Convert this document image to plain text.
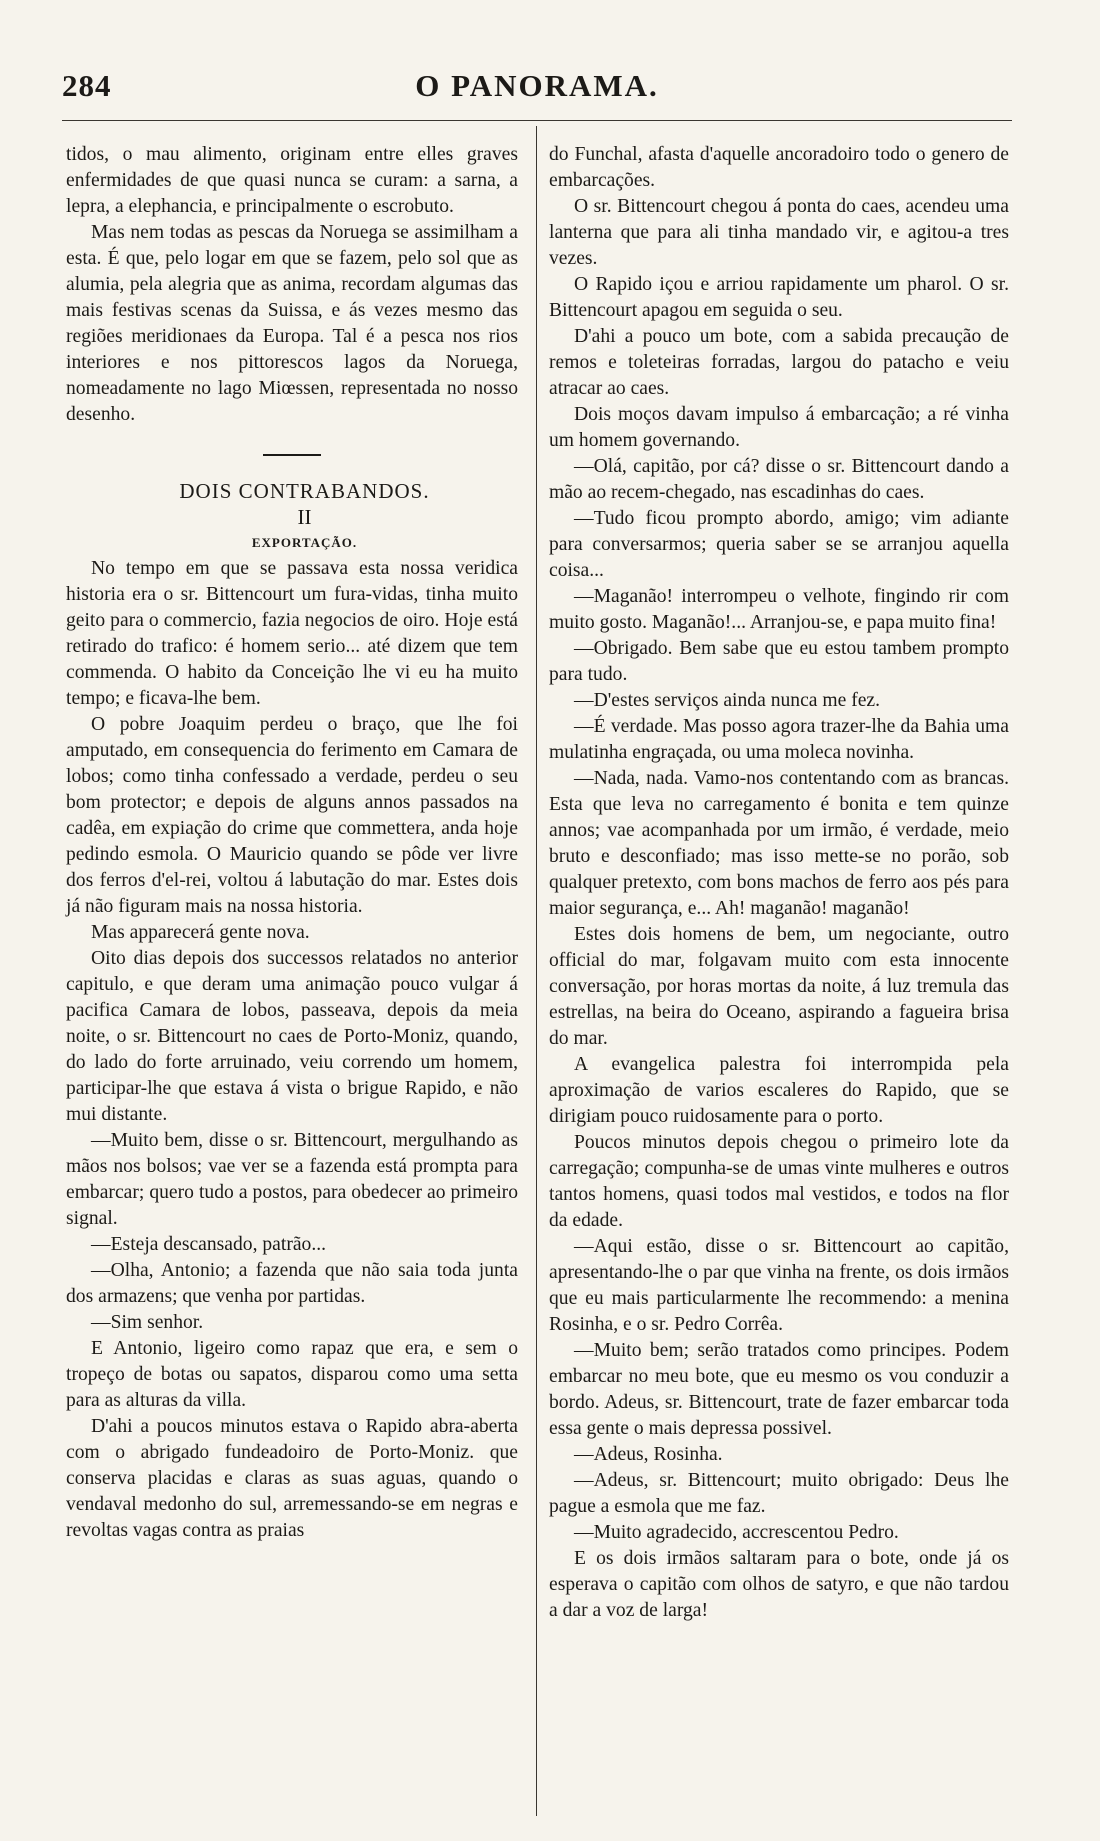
284	O PANORAMA.

tidos, o mau alimento, originam entre elles graves enfermidades de que quasi nunca se curam: a sarna, a lepra, a elephancia, e principalmente o escrobuto.

Mas nem todas as pescas da Noruega se assimilham a esta. É que, pelo logar em que se fazem, pelo sol que as alumia, pela alegria que as anima, recordam algumas das mais festivas scenas da Suissa, e ás vezes mesmo das regiões meridionaes da Europa. Tal é a pesca nos rios interiores e nos pittorescos lagos da Noruega, nomeadamente no lago Miœssen, representada no nosso desenho.

DOIS CONTRABANDOS.

II

EXPORTAÇÃO.

No tempo em que se passava esta nossa veridica historia era o sr. Bittencourt um fura-vidas, tinha muito geito para o commercio, fazia negocios de oiro. Hoje está retirado do trafico: é homem serio... até dizem que tem commenda. O habito da Conceição lhe vi eu ha muito tempo; e ficava-lhe bem.

O pobre Joaquim perdeu o braço, que lhe foi amputado, em consequencia do ferimento em Camara de lobos; como tinha confessado a verdade, perdeu o seu bom protector; e depois de alguns annos passados na cadêa, em expiação do crime que commettera, anda hoje pedindo esmola. O Mauricio quando se pôde ver livre dos ferros d'el-rei, voltou á labutação do mar. Estes dois já não figuram mais na nossa historia.

Mas apparecerá gente nova.

Oito dias depois dos successos relatados no anterior capitulo, e que deram uma animação pouco vulgar á pacifica Camara de lobos, passeava, depois da meia noite, o sr. Bittencourt no caes de Porto-Moniz, quando, do lado do forte arruinado, veiu correndo um homem, participar-lhe que estava á vista o brigue Rapido, e não mui distante.

—Muito bem, disse o sr. Bittencourt, mergulhando as mãos nos bolsos; vae ver se a fazenda está prompta para embarcar; quero tudo a postos, para obedecer ao primeiro signal.

—Esteja descansado, patrão...

—Olha, Antonio; a fazenda que não saia toda junta dos armazens; que venha por partidas.

—Sim senhor.

E Antonio, ligeiro como rapaz que era, e sem o tropeço de botas ou sapatos, disparou como uma setta para as alturas da villa.

D'ahi a poucos minutos estava o Rapido abra-aberta com o abrigado fundeadoiro de Porto-Moniz. que conserva placidas e claras as suas aguas, quando o vendaval medonho do sul, arremessando-se em negras e revoltas vagas contra as praias

do Funchal, afasta d'aquelle ancoradoiro todo o genero de embarcações.

O sr. Bittencourt chegou á ponta do caes, acendeu uma lanterna que para ali tinha mandado vir, e agitou-a tres vezes.

O Rapido içou e arriou rapidamente um pharol. O sr. Bittencourt apagou em seguida o seu.

D'ahi a pouco um bote, com a sabida precaução de remos e toleteiras forradas, largou do patacho e veiu atracar ao caes.

Dois moços davam impulso á embarcação; a ré vinha um homem governando.

—Olá, capitão, por cá? disse o sr. Bittencourt dando a mão ao recem-chegado, nas escadinhas do caes.

—Tudo ficou prompto abordo, amigo; vim adiante para conversarmos; queria saber se se arranjou aquella coisa...

—Maganão! interrompeu o velhote, fingindo rir com muito gosto. Maganão!... Arranjou-se, e papa muito fina!

—Obrigado. Bem sabe que eu estou tambem prompto para tudo.

—D'estes serviços ainda nunca me fez.

—É verdade. Mas posso agora trazer-lhe da Bahia uma mulatinha engraçada, ou uma moleca novinha.

—Nada, nada. Vamo-nos contentando com as brancas. Esta que leva no carregamento é bonita e tem quinze annos; vae acompanhada por um irmão, é verdade, meio bruto e desconfiado; mas isso mette-se no porão, sob qualquer pretexto, com bons machos de ferro aos pés para maior segurança, e... Ah! maganão! maganão!

Estes dois homens de bem, um negociante, outro official do mar, folgavam muito com esta innocente conversação, por horas mortas da noite, á luz tremula das estrellas, na beira do Oceano, aspirando a fagueira brisa do mar.

A evangelica palestra foi interrompida pela aproximação de varios escaleres do Rapido, que se dirigiam pouco ruidosamente para o porto.

Poucos minutos depois chegou o primeiro lote da carregação; compunha-se de umas vinte mulheres e outros tantos homens, quasi todos mal vestidos, e todos na flor da edade.

—Aqui estão, disse o sr. Bittencourt ao capitão, apresentando-lhe o par que vinha na frente, os dois irmãos que eu mais particularmente lhe recommendo: a menina Rosinha, e o sr. Pedro Corrêa.

—Muito bem; serão tratados como principes. Podem embarcar no meu bote, que eu mesmo os vou conduzir a bordo. Adeus, sr. Bittencourt, trate de fazer embarcar toda essa gente o mais depressa possivel.

—Adeus, Rosinha.

—Adeus, sr. Bittencourt; muito obrigado: Deus lhe pague a esmola que me faz.

—Muito agradecido, accrescentou Pedro.

E os dois irmãos saltaram para o bote, onde já os esperava o capitão com olhos de satyro, e que não tardou a dar a voz de larga!
